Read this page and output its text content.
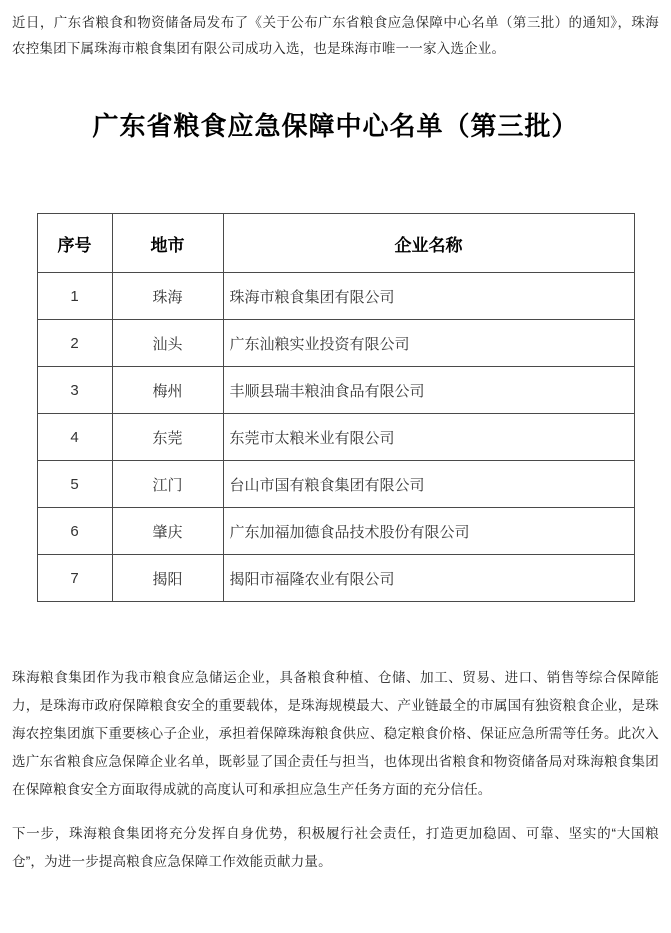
近日，广东省粮食和物资储备局发布了《关于公布广东省粮食应急保障中心名单（第三批）的通知》，珠海农控集团下属珠海市粮食集团有限公司成功入选，也是珠海市唯一一家入选企业。

广东省粮食应急保障中心名单（第三批）
序号	地市	企业名称
1	珠海	珠海市粮食集团有限公司
2	汕头	广东汕粮实业投资有限公司
3	梅州	丰顺县瑞丰粮油食品有限公司
4	东莞	东莞市太粮米业有限公司
5	江门	台山市国有粮食集团有限公司
6	肇庆	广东加福加德食品技术股份有限公司
7	揭阳	揭阳市福隆农业有限公司

珠海粮食集团作为我市粮食应急储运企业，具备粮食种植、仓储、加工、贸易、进口、销售等综合保障能力，是珠海市政府保障粮食安全的重要载体，是珠海规模最大、产业链最全的市属国有独资粮食企业，是珠海农控集团旗下重要核心子企业，承担着保障珠海粮食供应、稳定粮食价格、保证应急所需等任务。此次入选广东省粮食应急保障企业名单，既彰显了国企责任与担当，也体现出省粮食和物资储备局对珠海粮食集团在保障粮食安全方面取得成就的高度认可和承担应急生产任务方面的充分信任。

下一步，珠海粮食集团将充分发挥自身优势，积极履行社会责任，打造更加稳固、可靠、坚实的“大国粮仓”，为进一步提高粮食应急保障工作效能贡献力量。
